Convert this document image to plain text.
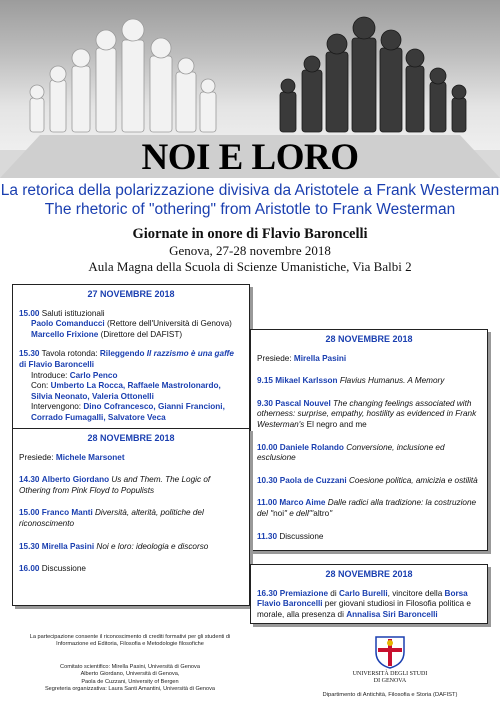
NOI E LORO
La retorica della polarizzazione divisiva da Aristotele a Frank Westerman
The rhetoric of "othering" from Aristotle to Frank Westerman
Giornate in onore di Flavio Baroncelli
Genova, 27-28 novembre 2018
Aula Magna della Scuola di Scienze Umanistiche, Via Balbi 2
27 NOVEMBRE 2018
15.00 Saluti istituzionali
Paolo Comanducci (Rettore dell'Università di Genova)
Marcello Frixione (Direttore del DAFIST)
15.30 Tavola rotonda: Rileggendo Il razzismo è una gaffe di Flavio Baroncelli
Introduce: Carlo Penco
Con: Umberto La Rocca, Raffaele Mastrolonardo, Silvia Neonato, Valeria Ottonelli
Intervengono: Dino Cofrancesco, Gianni Francioni, Corrado Fumagalli, Salvatore Veca
28 NOVEMBRE 2018
Presiede: Mirella Pasini
9.15 Mikael Karlsson Flavius Humanus. A Memory
9.30 Pascal Nouvel The changing feelings associated with otherness: surprise, empathy, hostility as evidenced in Frank Westerman's El negro and me
10.00 Daniele Rolando Conversione, inclusione ed esclusione
10.30 Paola de Cuzzani Coesione politica, amicizia e ostilità
11.00 Marco Aime Dalle radici alla tradizione: la costruzione del "noi" e dell'"altro"
11.30 Discussione
28 NOVEMBRE 2018
Presiede: Michele Marsonet
14.30 Alberto Giordano Us and Them. The Logic of Othering from Pink Floyd to Populists
15.00 Franco Manti Diversità, alterità, politiche del riconoscimento
15.30 Mirella Pasini Noi e loro: ideologia e discorso
16.00 Discussione
28 NOVEMBRE 2018
16.30 Premiazione di Carlo Burelli, vincitore della Borsa Flavio Baroncelli per giovani studiosi in Filosofia politica e morale, alla presenza di Annalisa Siri Baroncelli
La partecipazione consente il riconoscimento di crediti formativi per gli studenti di Informazione ed Editoria, Filosofia e Metodologie filosofiche
Comitato scientifico: Mirella Pasini, Università di Genova
Alberto Giordano, Università di Genova,
Paola de Cuzzani, University of Bergen
Segreteria organizzativa: Laura Santi Amantini, Università di Genova
UNIVERSITÀ DEGLI STUDI
DI GENOVA
Dipartimento di Antichità, Filosofia e Storia (DAFIST)
